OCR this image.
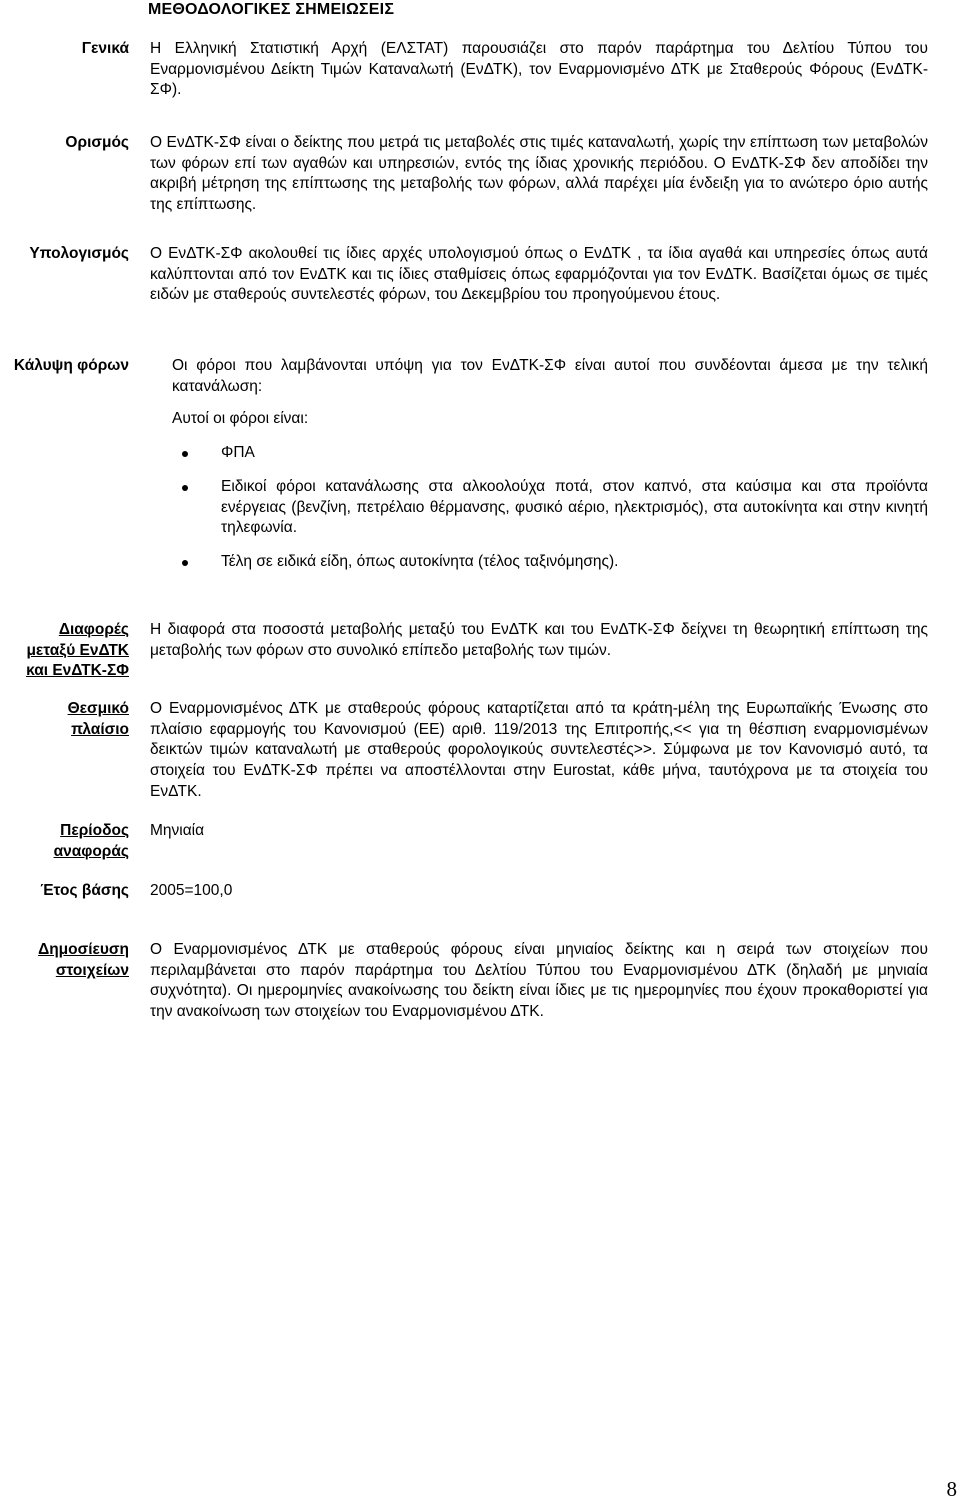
ΜΕΘΟΔΟΛΟΓΙΚΕΣ ΣΗΜΕΙΩΣΕΙΣ
Γενικά Η Ελληνική Στατιστική Αρχή (ΕΛΣΤΑΤ) παρουσιάζει στο παρόν παράρτημα του Δελτίου Τύπου του Εναρμονισμένου Δείκτη Τιμών Καταναλωτή (ΕνΔΤΚ), τον Εναρμονισμένο ΔΤΚ με Σταθερούς Φόρους (ΕνΔΤΚ-ΣΦ).
Ορισμός Ο ΕνΔΤΚ-ΣΦ είναι ο δείκτης που μετρά τις μεταβολές στις τιμές καταναλωτή, χωρίς την επίπτωση των μεταβολών των φόρων επί των αγαθών και υπηρεσιών, εντός της ίδιας χρονικής περιόδου. Ο ΕνΔΤΚ-ΣΦ δεν αποδίδει την ακριβή μέτρηση της επίπτωσης της μεταβολής των φόρων, αλλά παρέχει μία ένδειξη για το ανώτερο όριο αυτής της επίπτωσης.
Υπολογισμός Ο ΕνΔΤΚ-ΣΦ ακολουθεί τις ίδιες αρχές υπολογισμού όπως ο ΕνΔΤΚ , τα ίδια αγαθά και υπηρεσίες όπως αυτά καλύπτονται από τον ΕνΔΤΚ και τις ίδιες σταθμίσεις όπως εφαρμόζονται για τον ΕνΔΤΚ. Βασίζεται όμως σε τιμές ειδών με σταθερούς συντελεστές φόρων, του Δεκεμβρίου του προηγούμενου έτους.
Κάλυψη φόρων	Οι φόροι που λαμβάνονται υπόψη για τον ΕνΔΤΚ-ΣΦ είναι αυτοί που συνδέονται άμεσα με την τελική κατανάλωση:

Αυτοί οι φόροι είναι:

ΦΠΑ
Ειδικοί φόροι κατανάλωσης στα αλκοολούχα ποτά, στον καπνό, στα καύσιμα και στα προϊόντα ενέργειας (βενζίνη, πετρέλαιο θέρμανσης, φυσικό αέριο, ηλεκτρισμός), στα αυτοκίνητα και στην κινητή τηλεφωνία.
Τέλη σε ειδικά είδη, όπως αυτοκίνητα (τέλος ταξινόμησης).
Διαφορές
μεταξύ ΕνΔΤΚ
και ΕνΔΤΚ-ΣΦ
Η διαφορά στα ποσοστά μεταβολής μεταξύ του ΕνΔΤΚ και του ΕνΔΤΚ-ΣΦ δείχνει τη θεωρητική επίπτωση της μεταβολής των φόρων στο συνολικό επίπεδο μεταβολής των τιμών.
Θεσμικό
πλαίσιο
Ο Εναρμονισμένος ΔΤΚ με σταθερούς φόρους καταρτίζεται από τα κράτη-μέλη της Ευρωπαϊκής Ένωσης στο πλαίσιο εφαρμογής του Κανονισμού (ΕΕ) αριθ. 119/2013 της Επιτροπής,<< για τη θέσπιση εναρμονισμένων δεικτών τιμών καταναλωτή με σταθερούς φορολογικούς συντελεστές>>. Σύμφωνα με τον Κανονισμό αυτό, τα στοιχεία του ΕνΔΤΚ-ΣΦ πρέπει να αποστέλλονται στην Eurostat, κάθε μήνα, ταυτόχρονα με τα στοιχεία του ΕνΔΤΚ.
Περίοδος
αναφοράς
Μηνιαία
Έτος βάσης 2005=100,0
Δημοσίευση
στοιχείων
Ο Εναρμονισμένος ΔΤΚ με σταθερούς φόρους είναι μηνιαίος δείκτης και η σειρά των στοιχείων που περιλαμβάνεται στο παρόν παράρτημα του Δελτίου Τύπου του Εναρμονισμένου ΔΤΚ (δηλαδή με μηνιαία συχνότητα). Οι ημερομηνίες ανακοίνωσης του δείκτη είναι ίδιες με τις ημερομηνίες που έχουν προκαθοριστεί για την ανακοίνωση των στοιχείων του Εναρμονισμένου ΔΤΚ.
8
